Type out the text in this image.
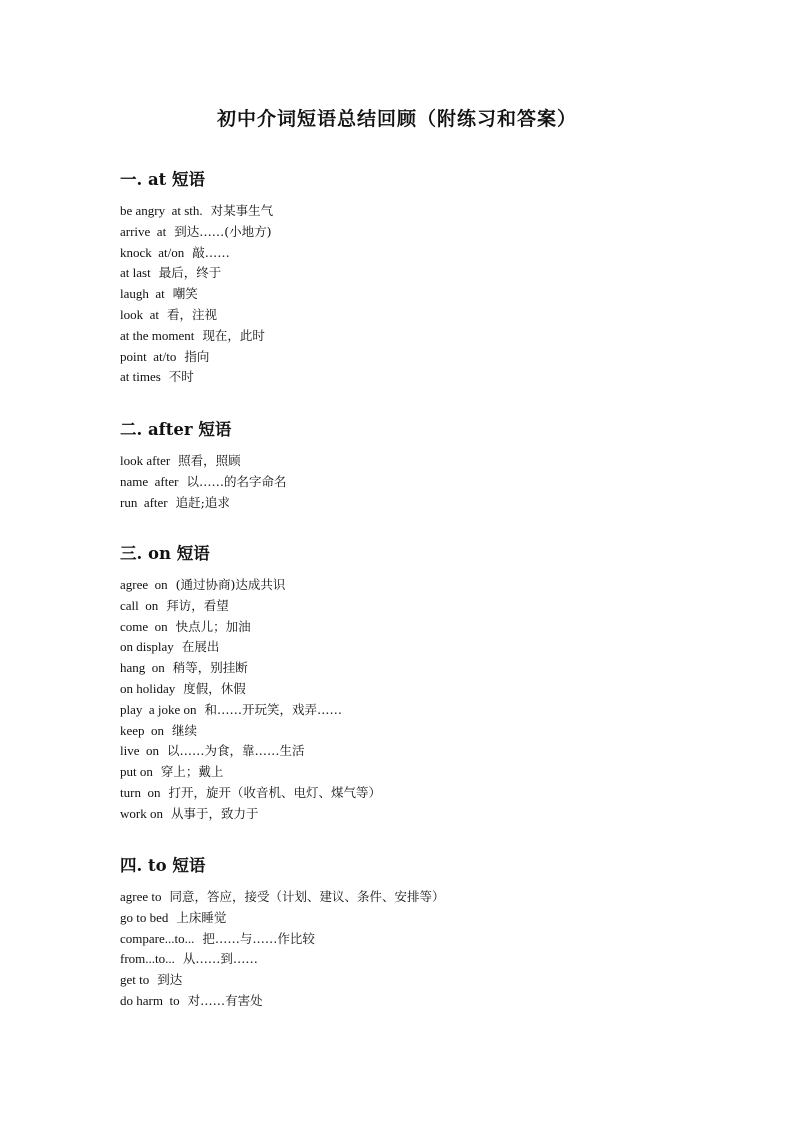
初中介词短语总结回顾（附练习和答案）
一. at 短语
be angry  at sth. 对某事生气
arrive  at 到达……(小地方)
knock  at/on 敲……
at last 最后，终于
laugh  at 嘲笑
look  at 看，注视
at the moment 现在，此时
point  at/to 指向
at times 不时
二. after 短语
look after 照看，照顾
name  after 以……的名字命名
run  after 追赶;追求
三. on 短语
agree  on (通过协商)达成共识
call  on 拜访，看望
come  on 快点儿；加油
on display 在展出
hang  on 稍等，别挂断
on holiday 度假，休假
play  a joke on 和……开玩笑，戏弄……
keep  on 继续
live  on 以……为食，靠……生活
put on 穿上；戴上
turn  on 打开，旋开（收音机、电灯、煤气等）
work on 从事于，致力于
四. to 短语
agree to 同意，答应，接受（计划、建议、条件、安排等）
go to bed 上床睡觉
compare...to... 把……与……作比较
from...to... 从……到……
get to 到达
do harm  to 对……有害处
